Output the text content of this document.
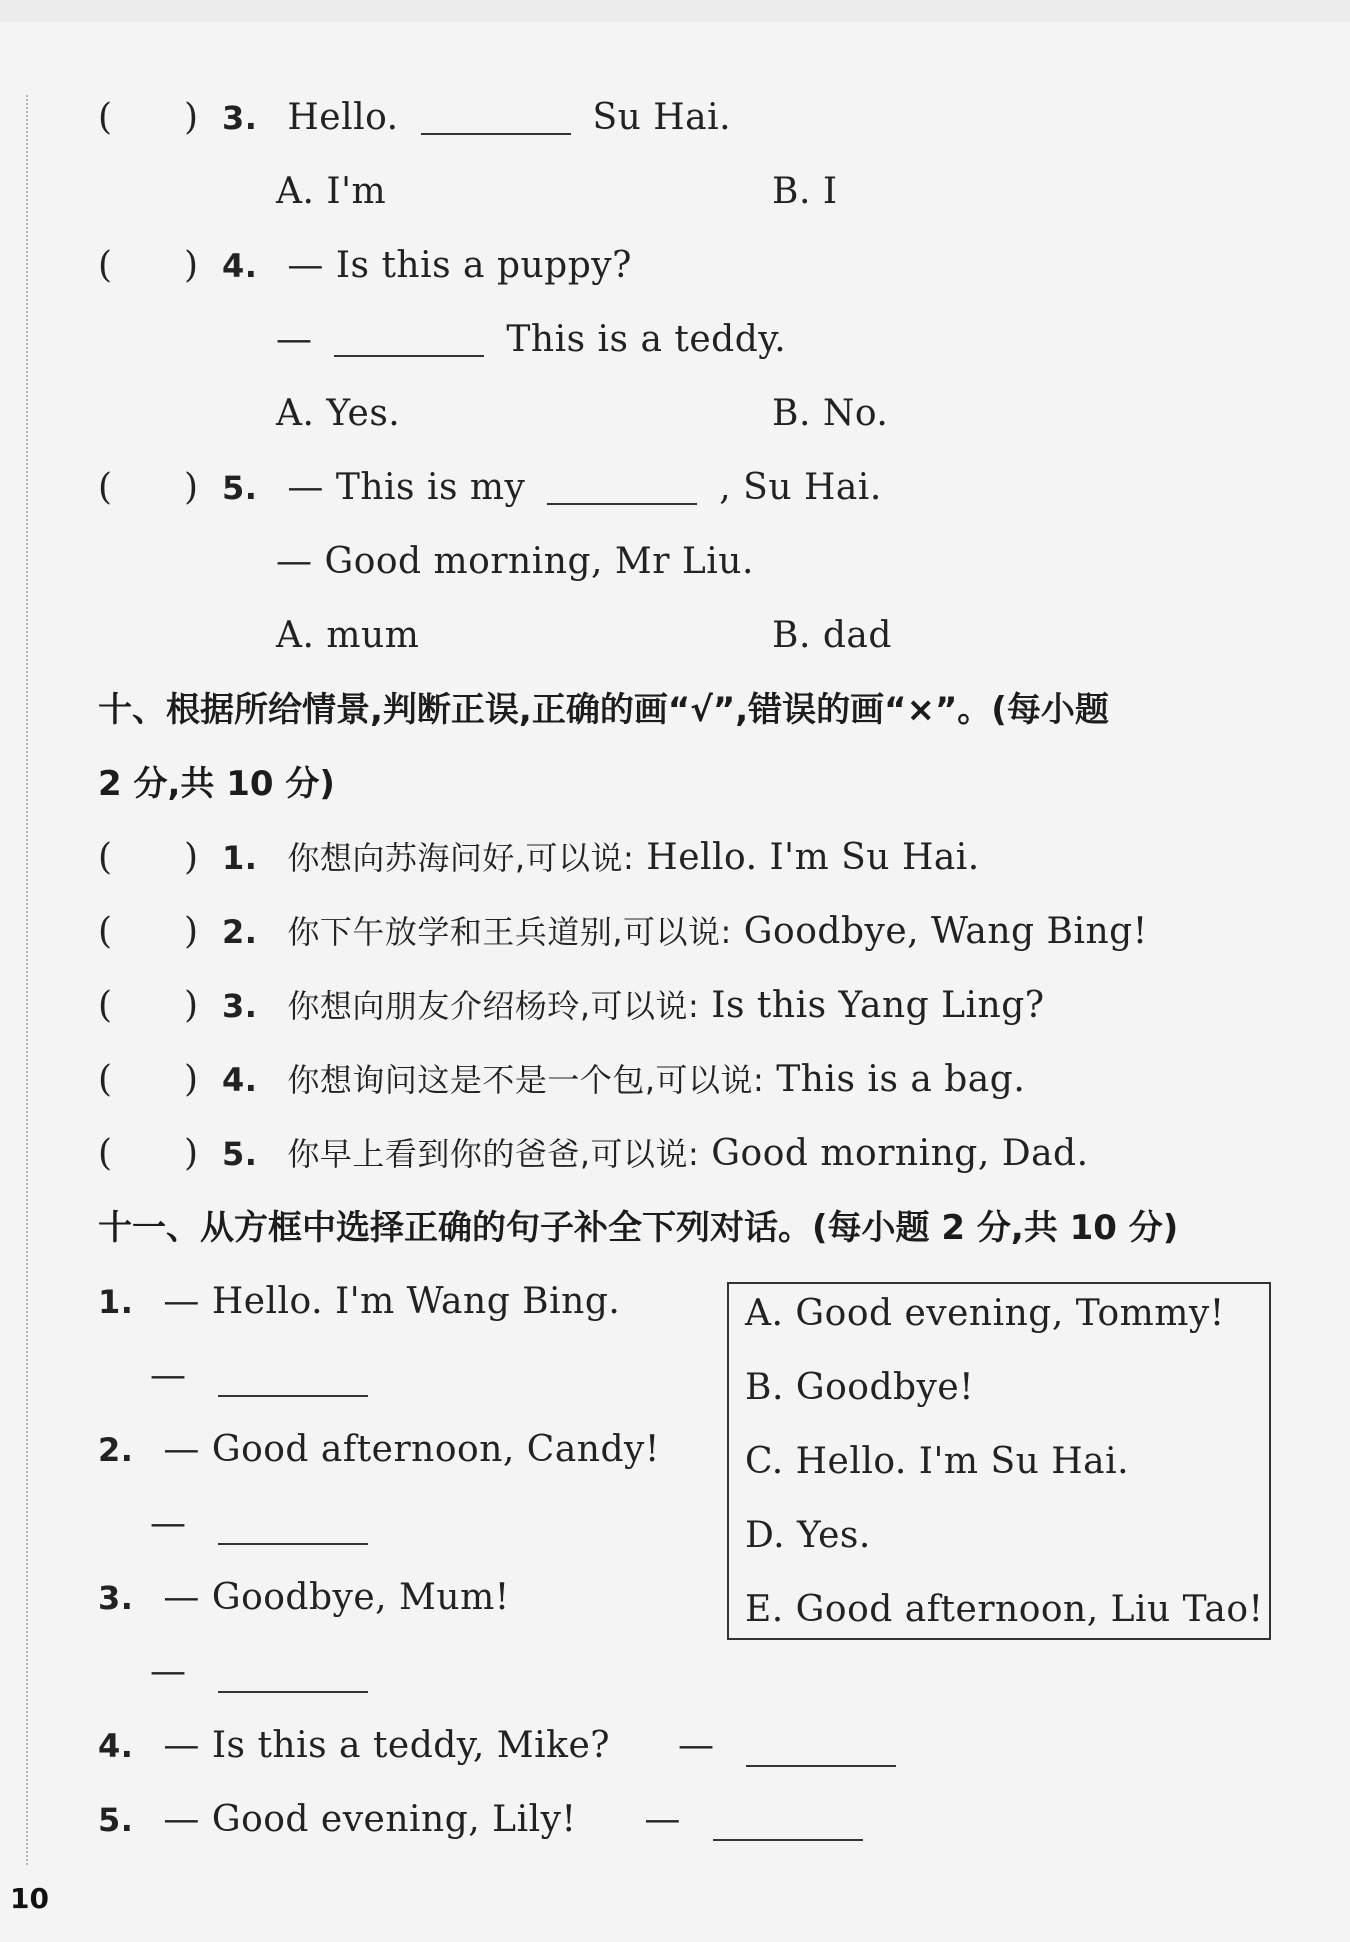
(　　) 3. Hello.	Su Hai.
A. I'm	B. I
(　　) 4. — Is this a puppy?
—	This is a teddy.
A. Yes.	B. No.
(　　) 5. — This is my	, Su Hai.
— Good morning, Mr Liu.
A. mum	B. dad
十、根据所给情景,判断正误,正确的画“√”,错误的画“×”。(每小题
2 分,共 10 分)
(　　) 1. 你想向苏海问好,可以说: Hello. I'm Su Hai.
(　　) 2. 你下午放学和王兵道别,可以说: Goodbye, Wang Bing!
(　　) 3. 你想向朋友介绍杨玲,可以说: Is this Yang Ling?
(　　) 4. 你想询问这是不是一个包,可以说: This is a bag.
(　　) 5. 你早上看到你的爸爸,可以说: Good morning, Dad.
十一、从方框中选择正确的句子补全下列对话。(每小题 2 分,共 10 分)
1. — Hello. I'm Wang Bing.
—
2. — Good afternoon, Candy!
—
3. — Goodbye, Mum!
—
4. — Is this a teddy, Mike? —
5. — Good evening, Lily! —
A. Good evening, Tommy!
B. Goodbye!
C. Hello. I'm Su Hai.
D. Yes.
E. Good afternoon, Liu Tao!
10
